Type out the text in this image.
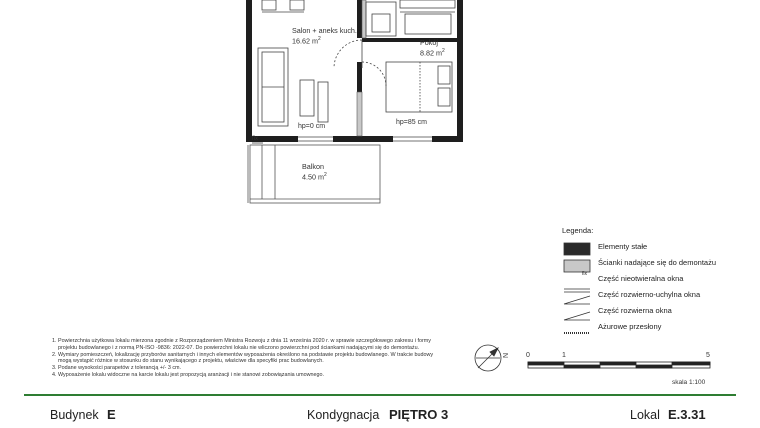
Salon + aneks kuch.
16.62 $m^2$	Pokój
8.82 $m^2$
Balkon
4.50 $m^2$
hp=0 cm
hp=85 cm
fix
Legenda:
Elementy stałe
Ścianki nadające się do demontażu
fix	Część nieotwieralna okna
Część rozwierno-uchylna okna
Część rozwierna okna
Ażurowe przesłony
1. Powierzchnia użytkowa lokalu mierzona zgodnie z Rozporządzeniem Ministra Rozwoju z dnia 11 września 2020 r. w sprawie szczegółowego zakresu i formy projektu budowlanego i z normą PN-ISO -9836: 2022-07. Do powierzchni lokalu nie wliczono powierzchni pod ściankami nadającymi się do demontażu.
2. Wymiary pomieszczeń, lokalizację przyborów sanitarnych i innych elementów wyposażenia określono na podstawie projektu budowlanego. W trakcie budowy mogą wystąpić różnice w stosunku do stanu wynikającego z projektu, właściwe dla specyfiki prac budowlanych.
3. Podane wysokości parapetów z tolerancją +/- 3 cm.
4. Wyposażenie lokalu widoczne na karcie lokalu jest propozycją aranżacji i nie stanowi zobowiązania umownego.
N 0	1	5
skala 1:100
Budynek E	Kondygnacja PIĘTRO 3	Lokal E.3.31
